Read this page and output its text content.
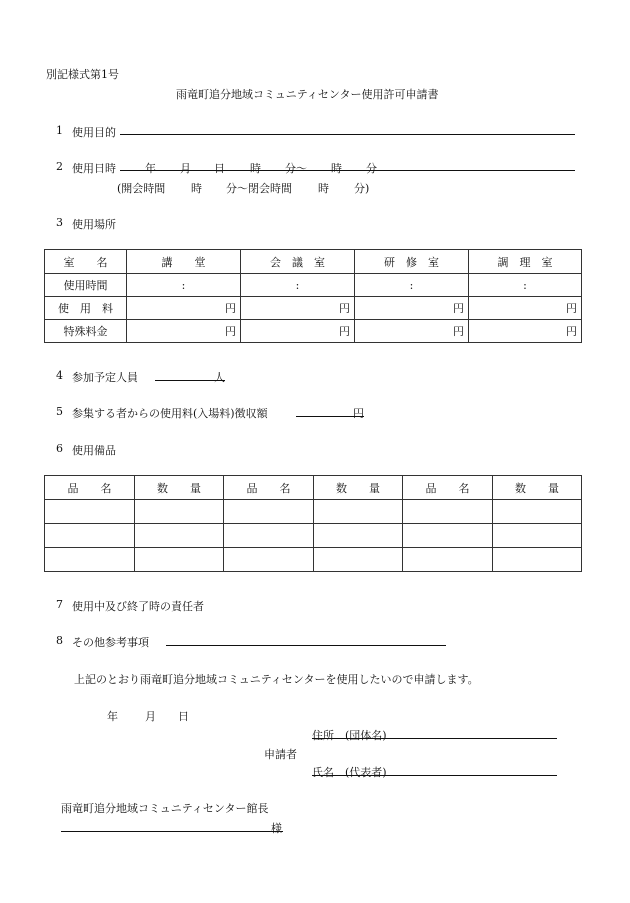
別記様式第1号
雨竜町追分地域コミュニティセンター使用許可申請書
1 使用目的
2 使用日時	年 月 日 時 分〜 時 分
(開会時間 時 分〜閉会時間 時 分)
3 使用場所
室　　名	講　　堂	会　議　室	研　修　室	調　理　室
使用時間	:	:	:	:
使　用　料	円	円	円	円
特殊料金	円	円	円	円
4 参加予定人員	人
5 参集する者からの使用料(入場料)徴収額	円
6 使用備品
品　　名	数　　量	品　　名	数　　量	品　　名	数　　量

7 使用中及び終了時の責任者
8 その他参考事項
上記のとおり雨竜町追分地域コミュニティセンターを使用したいので申請します。
年 月 日
住所　(団体名)
申請者
氏名　(代表者)
雨竜町追分地域コミュニティセンター館長
様
